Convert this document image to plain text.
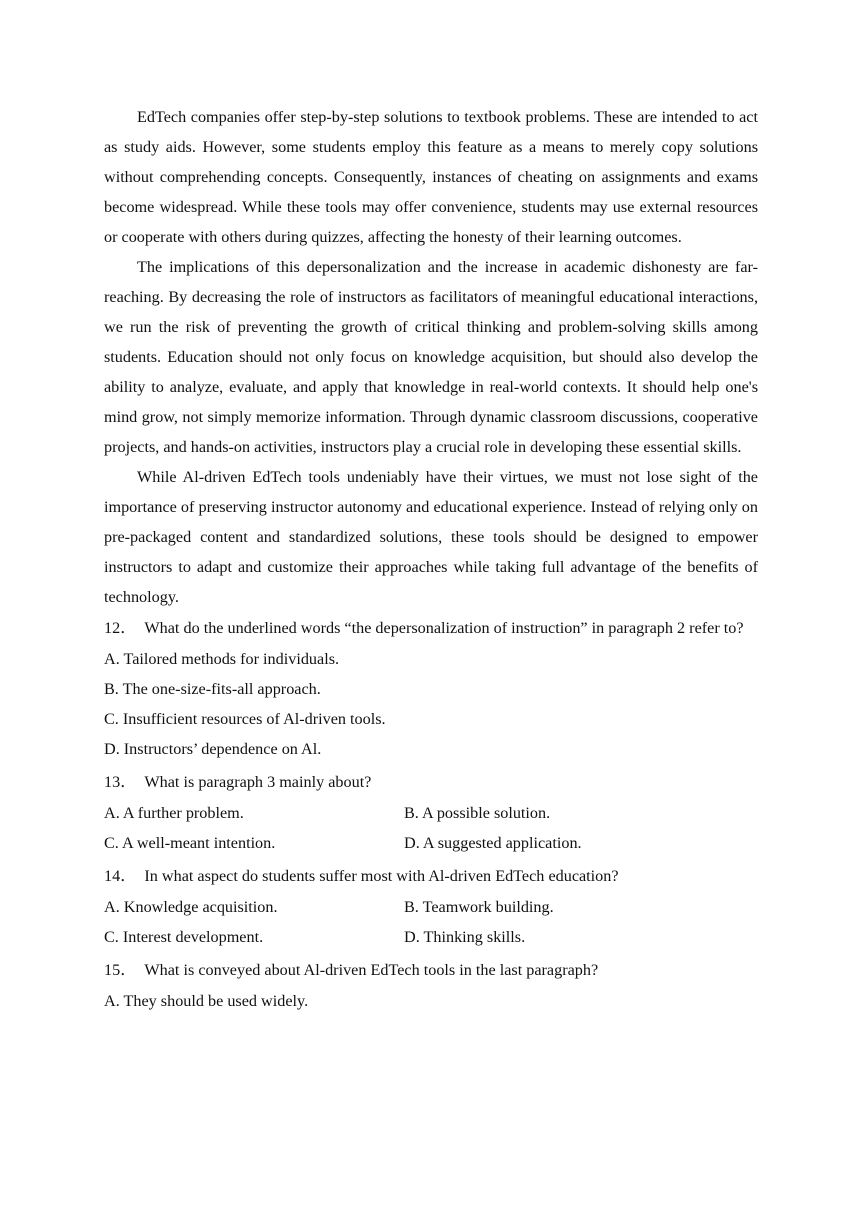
EdTech companies offer step-by-step solutions to textbook problems. These are intended to act as study aids. However, some students employ this feature as a means to merely copy solutions without comprehending concepts. Consequently, instances of cheating on assignments and exams become widespread. While these tools may offer convenience, students may use external resources or cooperate with others during quizzes, affecting the honesty of their learning outcomes.

The implications of this depersonalization and the increase in academic dishonesty are far-reaching. By decreasing the role of instructors as facilitators of meaningful educational interactions, we run the risk of preventing the growth of critical thinking and problem-solving skills among students. Education should not only focus on knowledge acquisition, but should also develop the ability to analyze, evaluate, and apply that knowledge in real-world contexts. It should help one's mind grow, not simply memorize information. Through dynamic classroom discussions, cooperative projects, and hands-on activities, instructors play a crucial role in developing these essential skills.

While Al-driven EdTech tools undeniably have their virtues, we must not lose sight of the importance of preserving instructor autonomy and educational experience. Instead of relying only on pre-packaged content and standardized solutions, these tools should be designed to empower instructors to adapt and customize their approaches while taking full advantage of the benefits of technology.

12． What do the underlined words “the depersonalization of instruction” in paragraph 2 refer to?

A. Tailored methods for individuals.

B. The one-size-fits-all approach.

C. Insufficient resources of Al-driven tools.

D. Instructors’ dependence on Al.

13． What is paragraph 3 mainly about?

A. A further problem.	B. A possible solution.

C. A well-meant intention.	D. A suggested application.

14． In what aspect do students suffer most with Al-driven EdTech education?

A. Knowledge acquisition.	B. Teamwork building.

C. Interest development.	D. Thinking skills.

15． What is conveyed about Al-driven EdTech tools in the last paragraph?

A. They should be used widely.
